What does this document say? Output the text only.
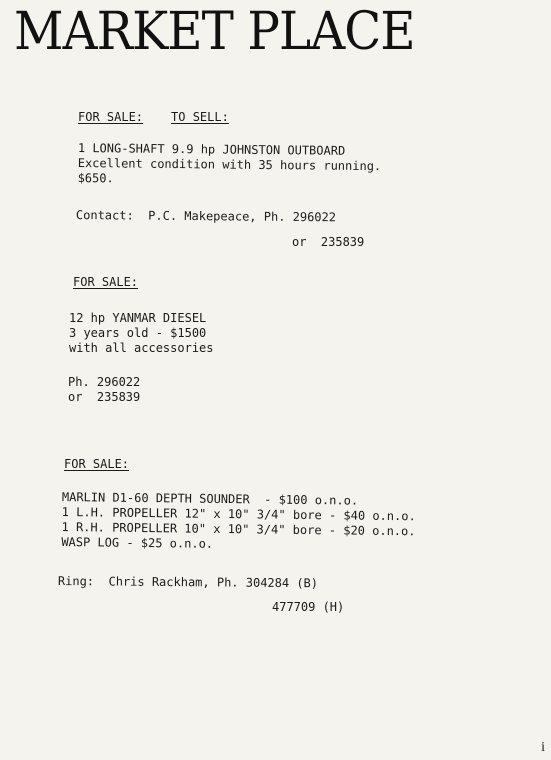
MARKET PLACE
FOR SALE: TO SELL:
1 LONG-SHAFT 9.9 hp JOHNSTON OUTBOARD
Excellent condition with 35 hours running.
$650.
Contact: P.C. Makepeace, Ph. 296022
or  235839
FOR SALE:
12 hp YANMAR DIESEL
3 years old - $1500
with all accessories
Ph. 296022
or  235839
FOR SALE:
MARLIN D1-60 DEPTH SOUNDER  - $100 o.n.o.
1 L.H. PROPELLER 12" x 10" 3/4" bore - $40 o.n.o.
1 R.H. PROPELLER 10" x 10" 3/4" bore - $20 o.n.o.
WASP LOG - $25 o.n.o.
Ring: Chris Rackham, Ph. 304284 (B)
477709 (H)
i
